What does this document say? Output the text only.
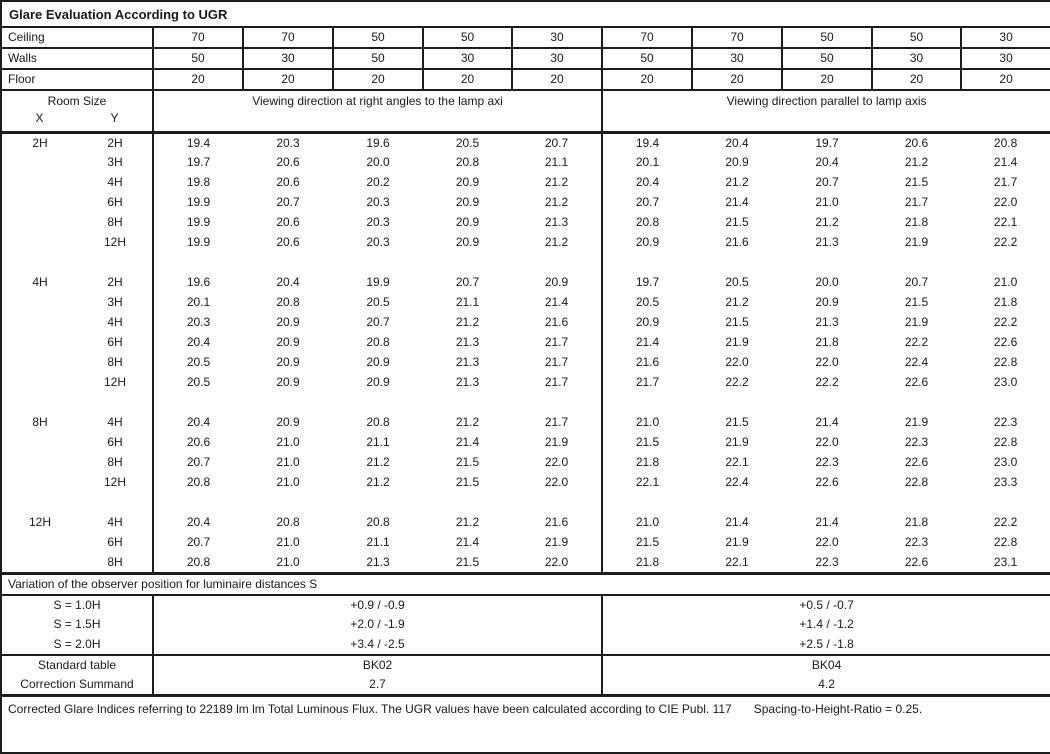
Glare Evaluation According to UGR											
Ceiling		70	70	50	50	30	70	70	50	50	30
Walls		50	30	50	30	30	50	30	50	30	30
Floor		20	20	20	20	20	20	20	20	20	20

Room Size
X Y		Viewing direction at right angles to the lamp axi					Viewing direction parallel to lamp axis				
2H	2H	19.4	20.3	19.6	20.5	20.7	19.4	20.4	19.7	20.6	20.8
	3H	19.7	20.6	20.0	20.8	21.1	20.1	20.9	20.4	21.2	21.4
	4H	19.8	20.6	20.2	20.9	21.2	20.4	21.2	20.7	21.5	21.7
	6H	19.9	20.7	20.3	20.9	21.2	20.7	21.4	21.0	21.7	22.0
	8H	19.9	20.6	20.3	20.9	21.3	20.8	21.5	21.2	21.8	22.1
	12H	19.9	20.6	20.3	20.9	21.2	20.9	21.6	21.3	21.9	22.2

4H	2H	19.6	20.4	19.9	20.7	20.9	19.7	20.5	20.0	20.7	21.0
	3H	20.1	20.8	20.5	21.1	21.4	20.5	21.2	20.9	21.5	21.8
	4H	20.3	20.9	20.7	21.2	21.6	20.9	21.5	21.3	21.9	22.2
	6H	20.4	20.9	20.8	21.3	21.7	21.4	21.9	21.8	22.2	22.6
	8H	20.5	20.9	20.9	21.3	21.7	21.6	22.0	22.0	22.4	22.8
	12H	20.5	20.9	20.9	21.3	21.7	21.7	22.2	22.2	22.6	23.0

8H	4H	20.4	20.9	20.8	21.2	21.7	21.0	21.5	21.4	21.9	22.3
	6H	20.6	21.0	21.1	21.4	21.9	21.5	21.9	22.0	22.3	22.8
	8H	20.7	21.0	21.2	21.5	22.0	21.8	22.1	22.3	22.6	23.0
	12H	20.8	21.0	21.2	21.5	22.0	22.1	22.4	22.6	22.8	23.3

12H	4H	20.4	20.8	20.8	21.2	21.6	21.0	21.4	21.4	21.8	22.2
	6H	20.7	21.0	21.1	21.4	21.9	21.5	21.9	22.0	22.3	22.8
	8H	20.8	21.0	21.3	21.5	22.0	21.8	22.1	22.3	22.6	23.1
Variation of the observer position for luminaire distances S											
S = 1.0H		+0.9 / -0.9					+0.5 / -0.7				
S = 1.5H		+2.0 / -1.9					+1.4 / -1.2				
S = 2.0H		+3.4 / -2.5					+2.5 / -1.8				
Standard table		BK02					BK04				
Correction Summand		2.7					4.2				
Corrected Glare Indices referring to 22189 lm lm Total Luminous Flux. The UGR values have been calculated according to CIE Publ. 117 Spacing-to-Height-Ratio = 0.25.											
